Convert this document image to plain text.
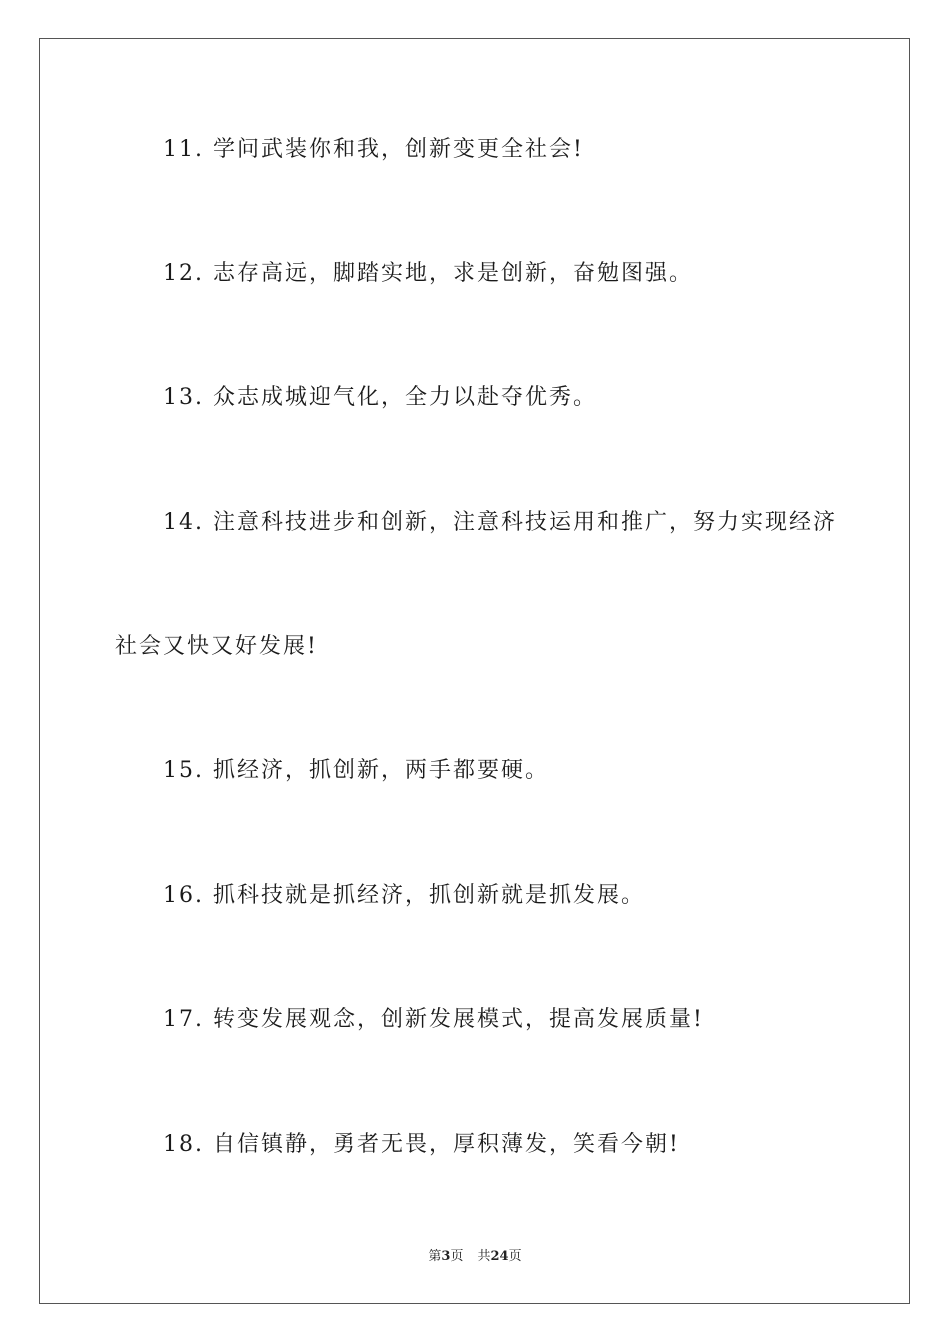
11. 学问武装你和我，创新变更全社会!
12. 志存高远，脚踏实地，求是创新，奋勉图强。
13. 众志成城迎气化，全力以赴夺优秀。
14. 注意科技进步和创新，注意科技运用和推广，努力实现经济
社会又快又好发展!
15. 抓经济，抓创新，两手都要硬。
16. 抓科技就是抓经济，抓创新就是抓发展。
17. 转变发展观念，创新发展模式，提高发展质量!
18. 自信镇静，勇者无畏，厚积薄发，笑看今朝!
第3页 共24页
